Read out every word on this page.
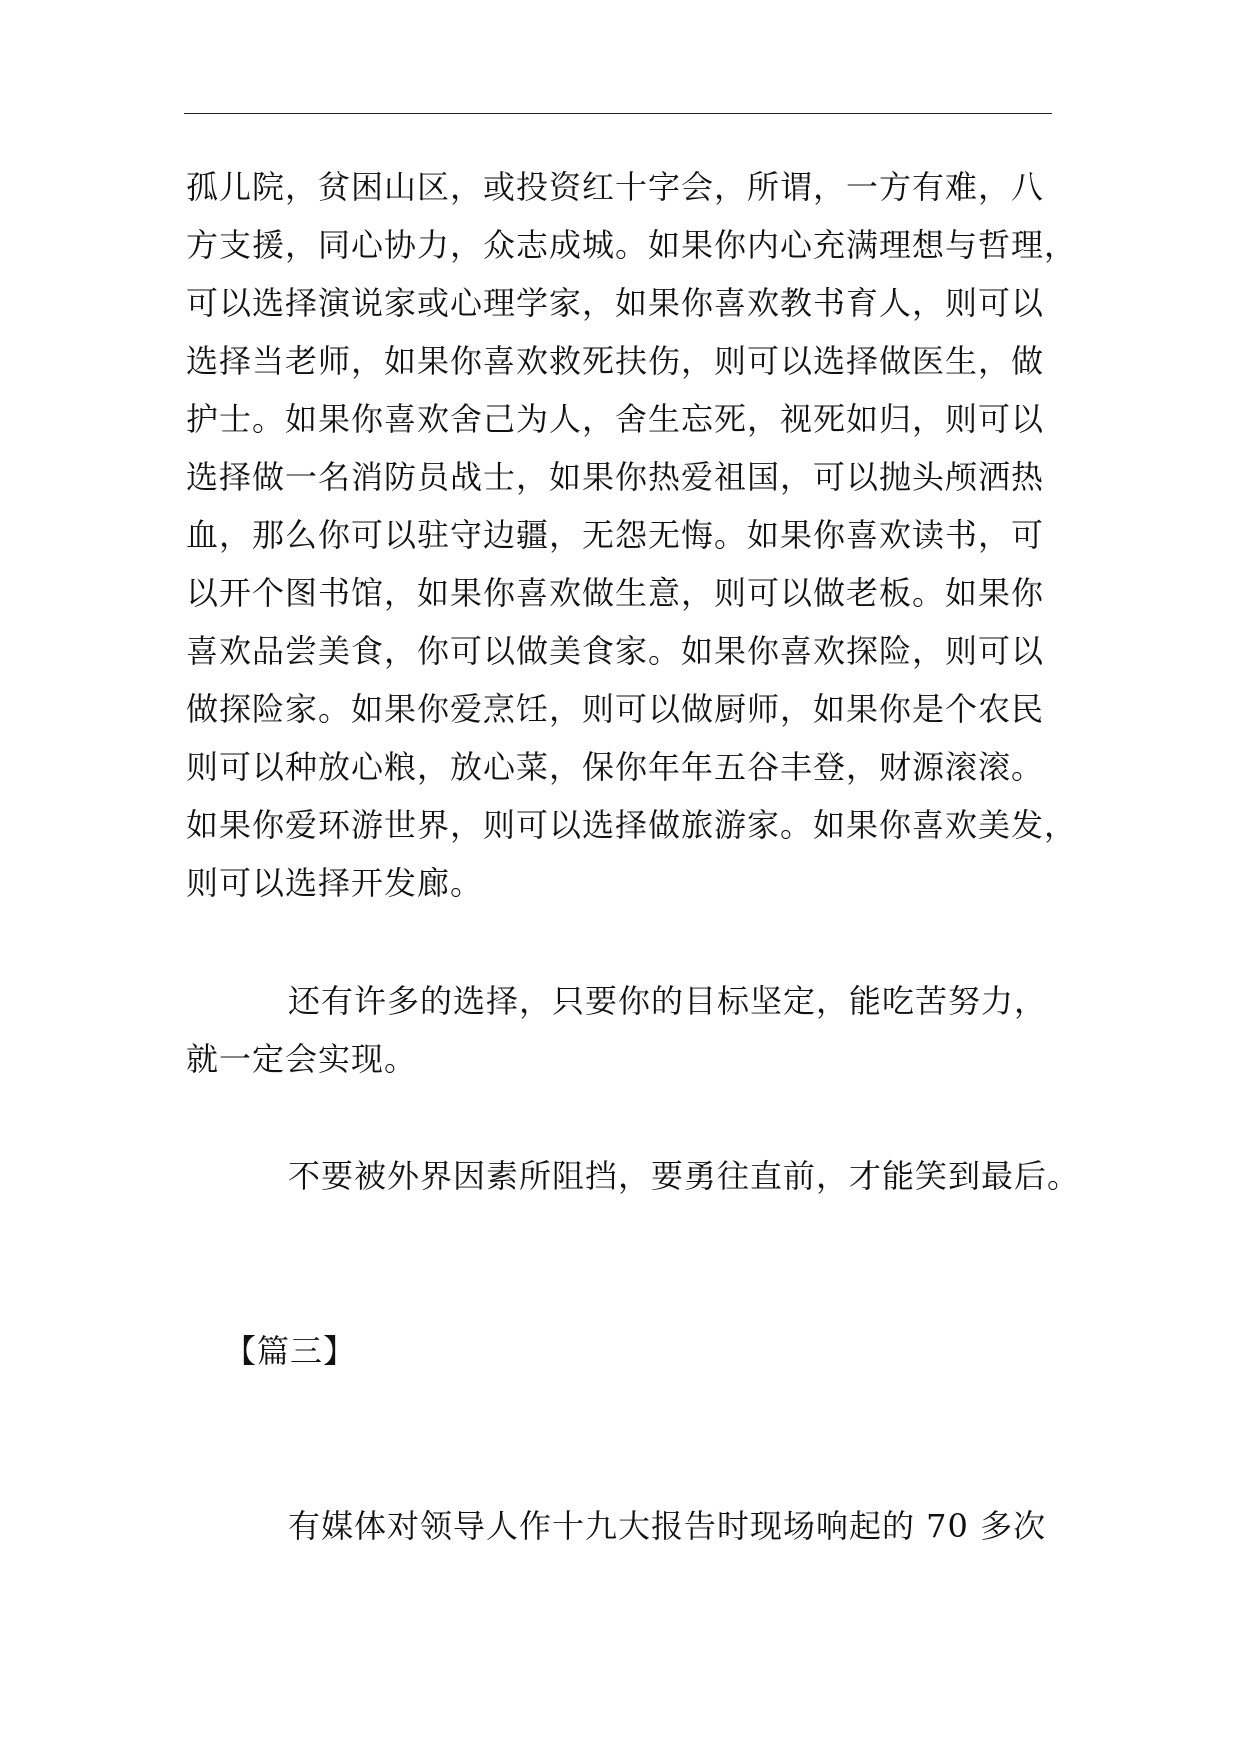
孤儿院，贫困山区，或投资红十字会，所谓，一方有难，八
方支援，同心协力，众志成城。如果你内心充满理想与哲理，
可以选择演说家或心理学家，如果你喜欢教书育人，则可以
选择当老师，如果你喜欢救死扶伤，则可以选择做医生，做
护士。如果你喜欢舍己为人，舍生忘死，视死如归，则可以
选择做一名消防员战士，如果你热爱祖国，可以抛头颅洒热
血，那么你可以驻守边疆，无怨无悔。如果你喜欢读书，可
以开个图书馆，如果你喜欢做生意，则可以做老板。如果你
喜欢品尝美食，你可以做美食家。如果你喜欢探险，则可以
做探险家。如果你爱烹饪，则可以做厨师，如果你是个农民
则可以种放心粮，放心菜，保你年年五谷丰登，财源滚滚。
如果你爱环游世界，则可以选择做旅游家。如果你喜欢美发，
则可以选择开发廊。
还有许多的选择，只要你的目标坚定，能吃苦努力，
就一定会实现。
不要被外界因素所阻挡，要勇往直前，才能笑到最后。
【篇三】
有媒体对领导人作十九大报告时现场响起的 70 多次
